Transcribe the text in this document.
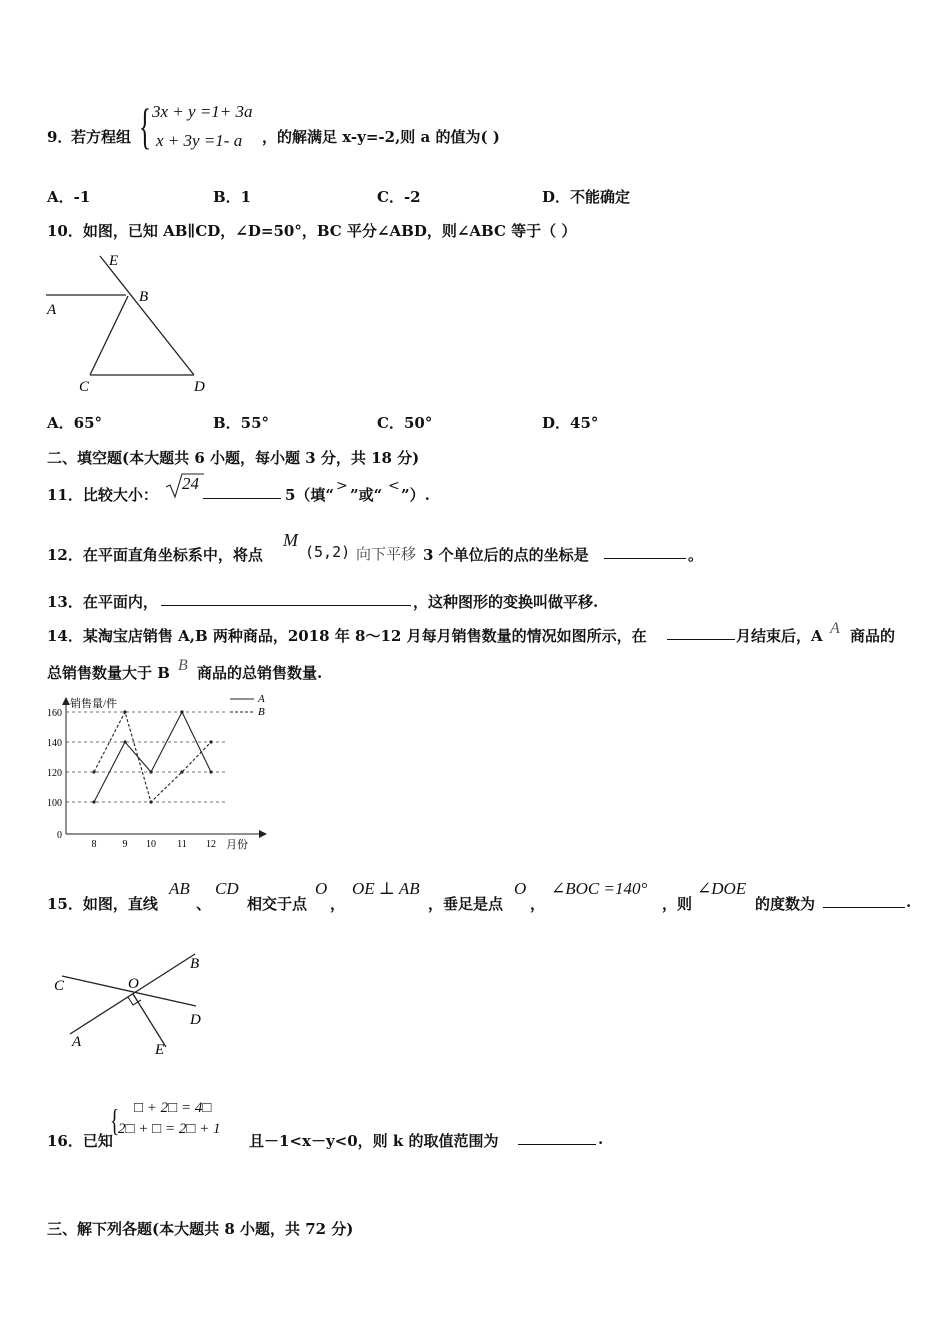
9．
若方程组 { 3x + y =1+ 3a
x + 3y =1- a ，的解满足 x-y=-2,则 a 的值为( )
A．-1	B．1	C．-2	D．不能确定
10．如图，已知 AB∥CD，∠D=50°，BC 平分∠ABD，则∠ABC 等于（ ）
E
B
A
C	D
A．65°	B．55°	C．50°	D．45°
二、填空题(本大题共 6 小题，每小题 3 分，共 18 分)
11．比较大小：
24
5（填“ > ”或“ < ”）.
12．在平面直角坐标系中，将点
M
(5,2) 向下平移 3 个单位后的点的坐标是	。
13．在平面内，	，这种图形的变换叫做平移.
14．某淘宝店销售 A,B 两种商品，2018 年 8～12 月每月销售数量的情况如图所示，在	月结束后，A A 商品的
总销售数量大于 B B 商品的总销售数量.
销售量/件
月份
0
100
120
140
160
8	9 10 11 12
A
B
15．如图，直线
AB
、
CD
相交于点
O
，
OE ⊥ AB
，垂足是点
O
，
∠BOC =140°
，则
∠DOE
的度数为	.
C	O
B
D
A	E
{ □ + 2□ = 4□
2□ + □ = 2□ + 1
16．已知	且－1<x－y<0，则 k 的取值范围为	.
三、解下列各题(本大题共 8 小题，共 72 分)
